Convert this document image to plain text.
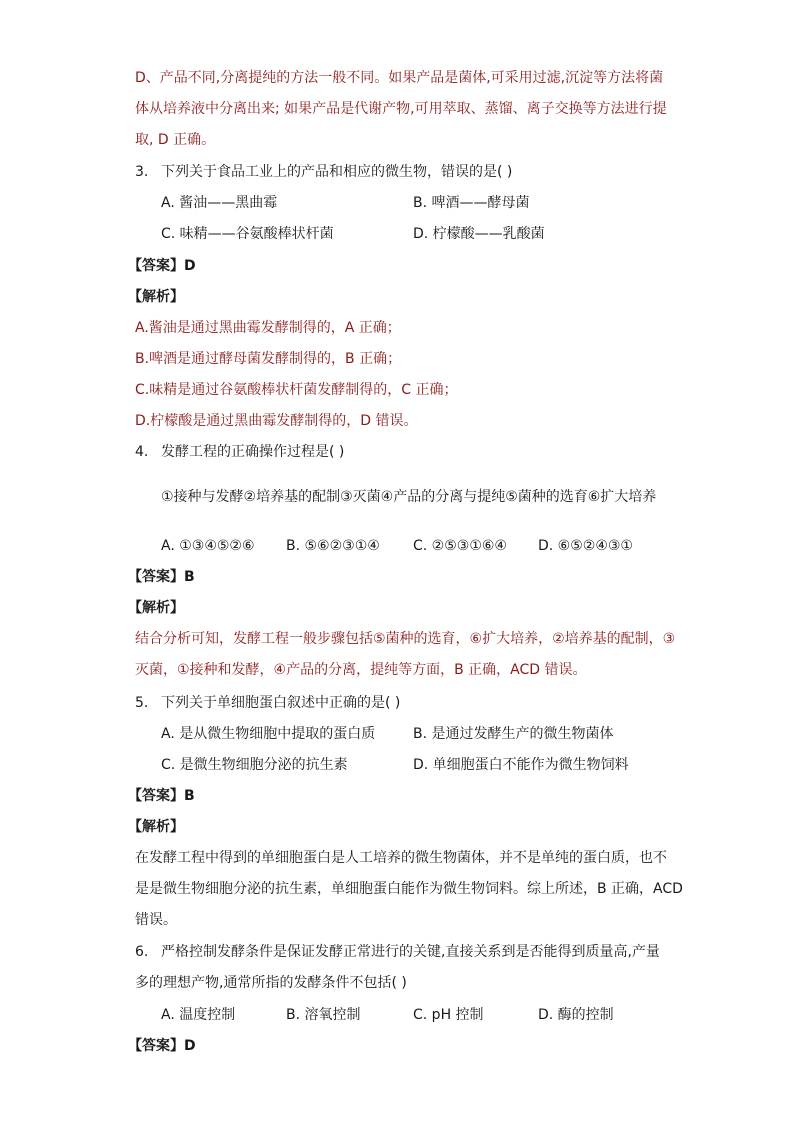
D、产品不同,分离提纯的方法一般不同。如果产品是菌体,可采用过滤,沉淀等方法将菌
体从培养液中分离出来; 如果产品是代谢产物,可用萃取、蒸馏、离子交换等方法进行提
取, D 正确。
3. 下列关于食品工业上的产品和相应的微生物，错误的是( )
A. 酱油——黑曲霉	B. 啤酒——酵母菌
C. 味精——谷氨酸棒状杆菌	D. 柠檬酸——乳酸菌
【答案】D
【解析】
A.酱油是通过黑曲霉发酵制得的，A 正确；
B.啤酒是通过酵母菌发酵制得的，B 正确；
C.味精是通过谷氨酸棒状杆菌发酵制得的，C 正确；
D.柠檬酸是通过黑曲霉发酵制得的，D 错误。
4. 发酵工程的正确操作过程是( )
①接种与发酵②培养基的配制③灭菌④产品的分离与提纯⑤菌种的选育⑥扩大培养
A. ①③④⑤②⑥ B. ⑤⑥②③①④ C. ②⑤③①⑥④ D. ⑥⑤②④③①
【答案】B
【解析】
结合分析可知，发酵工程一般步骤包括⑤菌种的选育，⑥扩大培养，②培养基的配制，③
灭菌，①接种和发酵，④产品的分离，提纯等方面，B 正确，ACD 错误。
5. 下列关于单细胞蛋白叙述中正确的是( )
A. 是从微生物细胞中提取的蛋白质	B. 是通过发酵生产的微生物菌体
C. 是微生物细胞分泌的抗生素	D. 单细胞蛋白不能作为微生物饲料
【答案】B
【解析】
在发酵工程中得到的单细胞蛋白是人工培养的微生物菌体，并不是单纯的蛋白质，也不
是是微生物细胞分泌的抗生素，单细胞蛋白能作为微生物饲料。综上所述，B 正确，ACD
错误。
6. 严格控制发酵条件是保证发酵正常进行的关键,直接关系到是否能得到质量高,产量
多的理想产物,通常所指的发酵条件不包括( )
A. 温度控制	B. 溶氧控制	C. pH 控制	D. 酶的控制
【答案】D
